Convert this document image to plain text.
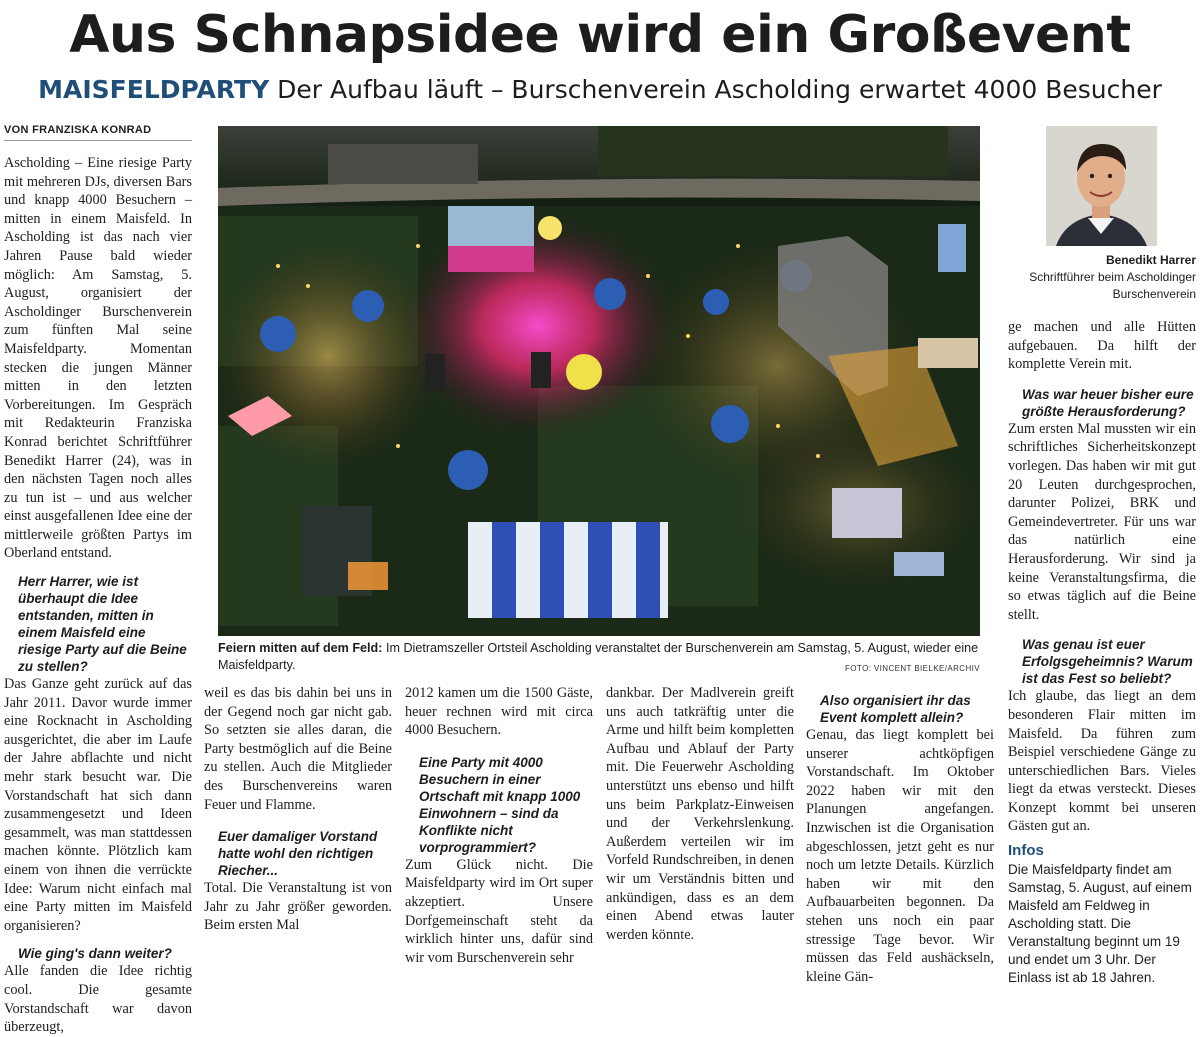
Aus Schnapsidee wird ein Großevent
MAISFELDPARTY Der Aufbau läuft – Burschenverein Ascholding erwartet 4000 Besucher
VON FRANZISKA KONRAD

Ascholding – Eine riesige Party mit mehreren DJs, diversen Bars und knapp 4000 Besuchern – mitten in einem Maisfeld. In Ascholding ist das nach vier Jahren Pause bald wieder möglich: Am Samstag, 5. August, organisiert der Ascholdinger Burschenverein zum fünften Mal seine Maisfeldparty. Momentan stecken die jungen Männer mitten in den letzten Vorbereitungen. Im Gespräch mit Redakteurin Franziska Konrad berichtet Schriftführer Benedikt Harrer (24), was in den nächsten Tagen noch alles zu tun ist – und aus welcher einst ausgefallenen Idee eine der mittlerweile größten Partys im Oberland entstand.

Herr Harrer, wie ist überhaupt die Idee entstanden, mitten in einem Maisfeld eine riesige Party auf die Beine zu stellen?

Das Ganze geht zurück auf das Jahr 2011. Davor wurde immer eine Rocknacht in Ascholding ausgerichtet, die aber im Laufe der Jahre abflachte und nicht mehr stark besucht war. Die Vorstandschaft hat sich dann zusammengesetzt und Ideen gesammelt, was man stattdessen machen könnte. Plötzlich kam einem von ihnen die verrückte Idee: Warum nicht einfach mal eine Party mitten im Maisfeld organisieren?

Wie ging's dann weiter?

Alle fanden die Idee richtig cool. Die gesamte Vorstandschaft war davon überzeugt,

Feiern mitten auf dem Feld: Im Dietramszeller Ortsteil Ascholding veranstaltet der Burschenverein am Samstag, 5. August, wieder eine Maisfeldparty.	FOTO: VINCENT BIELKE/ARCHIV
Benedikt Harrer
Schriftführer beim Ascholdinger Burschenverein

weil es das bis dahin bei uns in der Gegend noch gar nicht gab. So setzten sie alles daran, die Party bestmöglich auf die Beine zu stellen. Auch die Mitglieder des Burschenvereins waren Feuer und Flamme.

Euer damaliger Vorstand hatte wohl den richtigen Riecher...

Total. Die Veranstaltung ist von Jahr zu Jahr größer geworden. Beim ersten Mal

2012 kamen um die 1500 Gäste, heuer rechnen wird mit circa 4000 Besuchern.

Eine Party mit 4000 Besuchern in einer Ortschaft mit knapp 1000 Einwohnern – sind da Konflikte nicht vorprogrammiert?

Zum Glück nicht. Die Maisfeldparty wird im Ort super akzeptiert. Unsere Dorfgemeinschaft steht da wirklich hinter uns, dafür sind wir vom Burschenverein sehr

dankbar. Der Madlverein greift uns auch tatkräftig unter die Arme und hilft beim kompletten Aufbau und Ablauf der Party mit. Die Feuerwehr Ascholding unterstützt uns ebenso und hilft uns beim Parkplatz-Einweisen und der Verkehrslenkung. Außerdem verteilen wir im Vorfeld Rundschreiben, in denen wir um Verständnis bitten und ankündigen, dass es an dem einen Abend etwas lauter werden könnte.

Also organisiert ihr das Event komplett allein?

Genau, das liegt komplett bei unserer achtköpfigen Vorstandschaft. Im Oktober 2022 haben wir mit den Planungen angefangen. Inzwischen ist die Organisation abgeschlossen, jetzt geht es nur noch um letzte Details. Kürzlich haben wir mit den Aufbauarbeiten begonnen. Da stehen uns noch ein paar stressige Tage bevor. Wir müssen das Feld aushäckseln, kleine Gän-

ge machen und alle Hütten aufgebauen. Da hilft der komplette Verein mit.

Was war heuer bisher eure größte Herausforderung?

Zum ersten Mal mussten wir ein schriftliches Sicherheitskonzept vorlegen. Das haben wir mit gut 20 Leuten durchgesprochen, darunter Polizei, BRK und Gemeindevertreter. Für uns war das natürlich eine Herausforderung. Wir sind ja keine Veranstaltungsfirma, die so etwas täglich auf die Beine stellt.

Was genau ist euer Erfolgsgeheimnis? Warum ist das Fest so beliebt?

Ich glaube, das liegt an dem besonderen Flair mitten im Maisfeld. Da führen zum Beispiel verschiedene Gänge zu unterschiedlichen Bars. Vieles liegt da etwas versteckt. Dieses Konzept kommt bei unseren Gästen gut an.

Infos

Die Maisfeldparty findet am Samstag, 5. August, auf einem Maisfeld am Feldweg in Ascholding statt. Die Veranstaltung beginnt um 19 und endet um 3 Uhr. Der Einlass ist ab 18 Jahren.
